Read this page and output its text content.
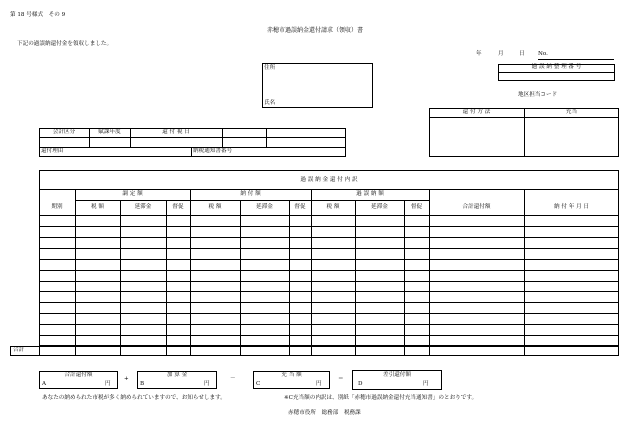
第 18 号様式　その 9
赤穂市過誤納金還付請求（領収）書
下記の過誤納還付金を領収しました。
年	月	日 No.
住所
氏名
過 誤 納 整 理 番 号
地区担当コード
還 付 方 法	充当
会計区分	賦課年度	還 付 視 日
還付理由	納税通知書番号
過 誤 納 金 還 付 内 訳
期別
調 定 額	納 付 額	過 誤 納 額
税 額	延滞金	督促	税 額	延滞金	督促	税 額	延滞金	督促	合計還付額	納 付 年 月 日
合計
合計還付額
A	円
+
加 算 金
B	円
－
充 当 額
C	円
＝
差引還付額
D	円
あなたの納められた市税が多く納められていますので、お知らせします。	※C充当額の内訳は、別紙「赤穂市過誤納金還付充当通知書」のとおりです。
赤穂市役所　総務部　税務課
